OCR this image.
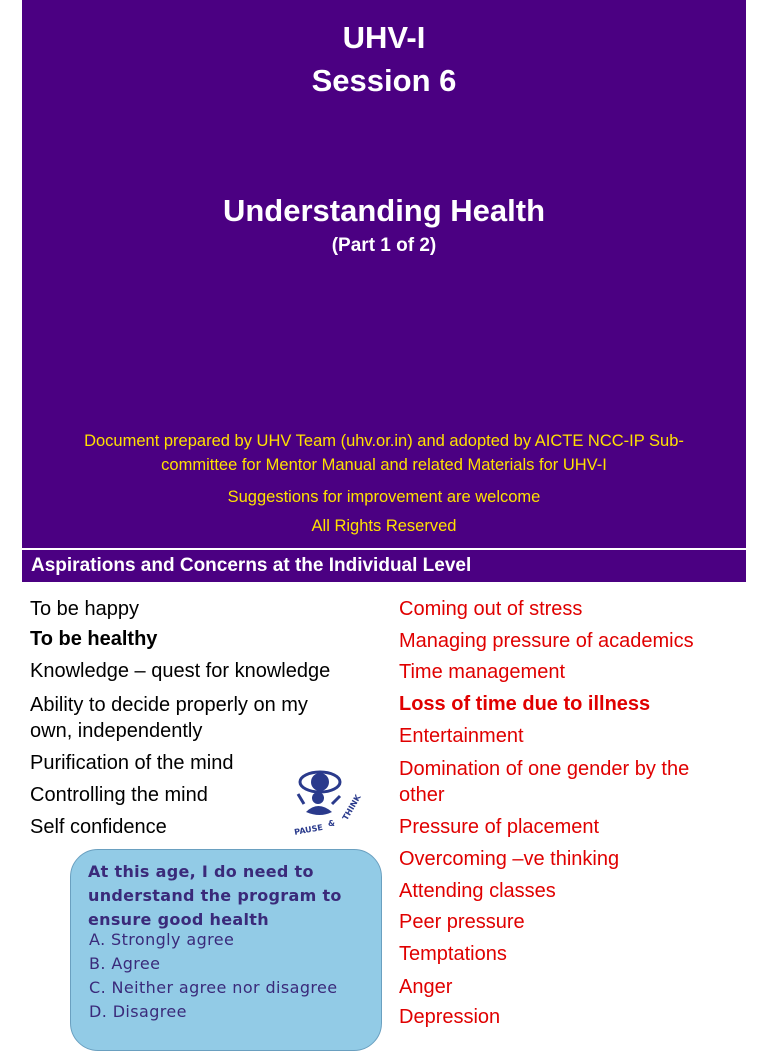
UHV-I
Session 6
Understanding Health
(Part 1 of 2)
Document prepared by UHV Team (uhv.or.in) and adopted by AICTE NCC-IP Sub-
committee for Mentor Manual and related Materials for UHV-I
Suggestions for improvement are welcome
All Rights Reserved
Aspirations and Concerns at the Individual Level
To be happy
To be healthy
Knowledge – quest for knowledge
Ability to decide properly on my
own, independently
Purification of the mind
Controlling the mind
Self confidence	PAUSE
THINK
&
At this age, I do need to
understand the program to
ensure good health
A. Strongly agree
B. Agree
C. Neither agree nor disagree
D. Disagree
Coming out of stress
Managing pressure of academics
Time management
Loss of time due to illness
Entertainment
Domination of one gender by the
other
Pressure of placement
Overcoming –ve thinking
Attending classes
Peer pressure
Temptations
Anger
Depression
